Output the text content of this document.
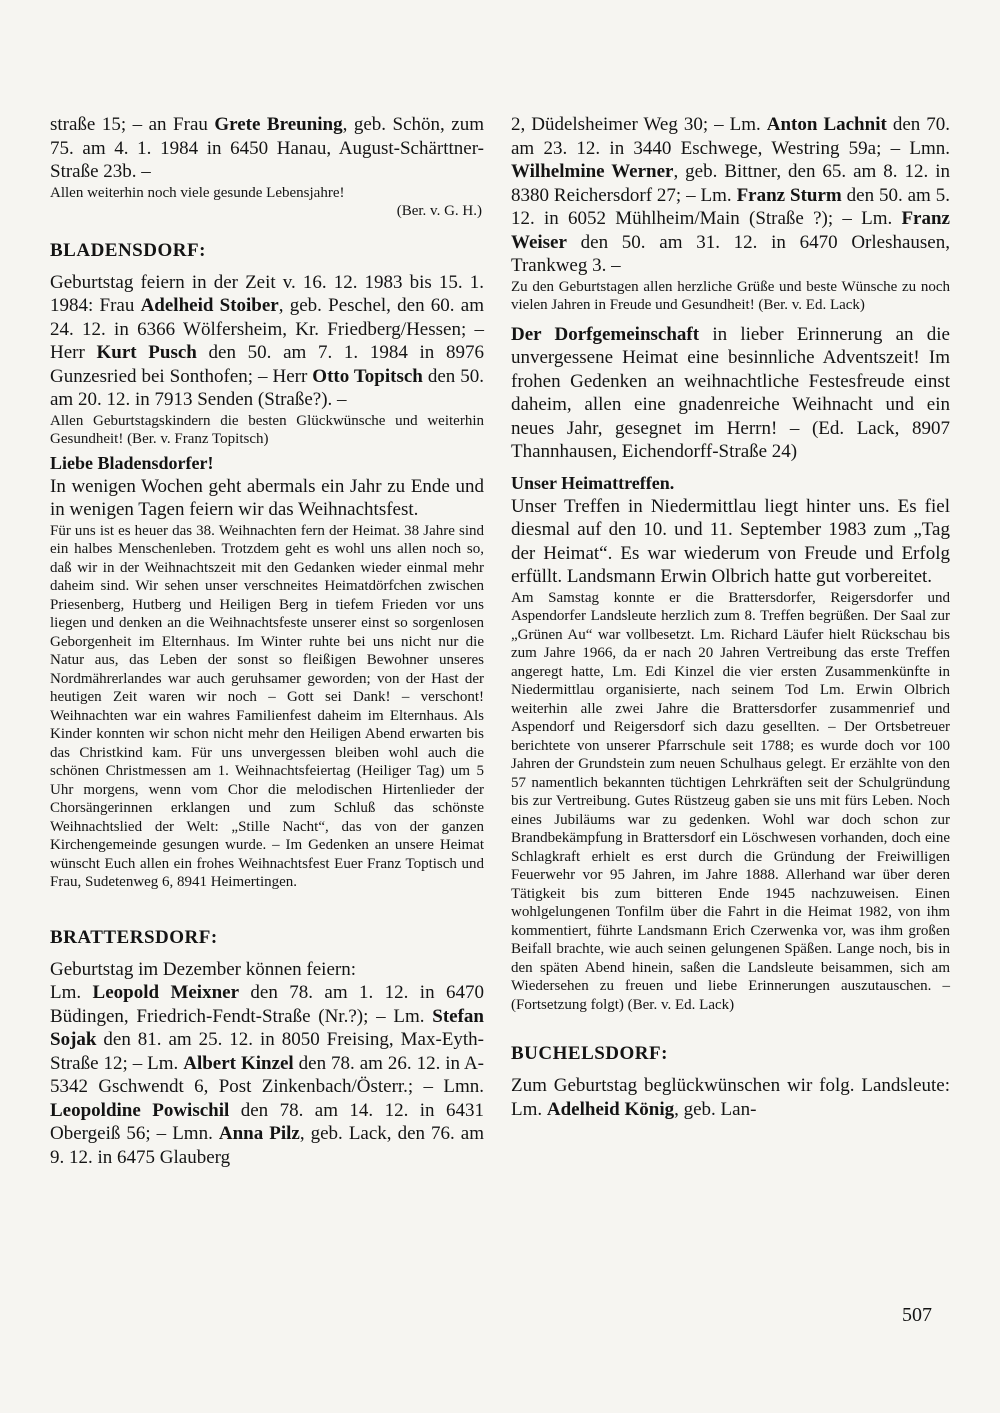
straße 15; – an Frau Grete Breuning, geb. Schön, zum 75. am 4. 1. 1984 in 6450 Hanau, August-Schärttner-Straße 23b. –
Allen weiterhin noch viele gesunde Lebensjahre!
(Ber. v. G. H.)
BLADENSDORF:
Geburtstag feiern in der Zeit v. 16. 12. 1983 bis 15. 1. 1984: Frau Adelheid Stoiber, geb. Peschel, den 60. am 24. 12. in 6366 Wölfersheim, Kr. Friedberg/Hessen; – Herr Kurt Pusch den 50. am 7. 1. 1984 in 8976 Gunzesried bei Sonthofen; – Herr Otto Topitsch den 50. am 20. 12. in 7913 Senden (Straße?). –
Allen Geburtstagskindern die besten Glückwünsche und weiterhin Gesundheit! (Ber. v. Franz Topitsch)
Liebe Bladensdorfer!
In wenigen Wochen geht abermals ein Jahr zu Ende und in wenigen Tagen feiern wir das Weihnachtsfest.
Für uns ist es heuer das 38. Weihnachten fern der Heimat. 38 Jahre sind ein halbes Menschenleben. Trotzdem geht es wohl uns allen noch so, daß wir in der Weihnachtszeit mit den Gedanken wieder einmal mehr daheim sind. Wir sehen unser verschneites Heimatdörfchen zwischen Priesenberg, Hutberg und Heiligen Berg in tiefem Frieden vor uns liegen und denken an die Weihnachtsfeste unserer einst so sorgenlosen Geborgenheit im Elternhaus. Im Winter ruhte bei uns nicht nur die Natur aus, das Leben der sonst so fleißigen Bewohner unseres Nordmährerlandes war auch geruhsamer geworden; von der Hast der heutigen Zeit waren wir noch – Gott sei Dank! – verschont! Weihnachten war ein wahres Familienfest daheim im Elternhaus. Als Kinder konnten wir schon nicht mehr den Heiligen Abend erwarten bis das Christkind kam. Für uns unvergessen bleiben wohl auch die schönen Christmessen am 1. Weihnachtsfeiertag (Heiliger Tag) um 5 Uhr morgens, wenn vom Chor die melodischen Hirtenlieder der Chorsängerinnen erklangen und zum Schluß das schönste Weihnachtslied der Welt: „Stille Nacht“, das von der ganzen Kirchengemeinde gesungen wurde. – Im Gedenken an unsere Heimat wünscht Euch allen ein frohes Weihnachtsfest Euer Franz Toptisch und Frau, Sudetenweg 6, 8941 Heimertingen.
BRATTERSDORF:
Geburtstag im Dezember können feiern:
Lm. Leopold Meixner den 78. am 1. 12. in 6470 Büdingen, Friedrich-Fendt-Straße (Nr.?); – Lm. Stefan Sojak den 81. am 25. 12. in 8050 Freising, Max-Eyth-Straße 12; – Lm. Albert Kinzel den 78. am 26. 12. in A-5342 Gschwendt 6, Post Zinkenbach/Österr.; – Lmn. Leopoldine Powischil den 78. am 14. 12. in 6431 Obergeiß 56; – Lmn. Anna Pilz, geb. Lack, den 76. am 9. 12. in 6475 Glauberg
2, Düdelsheimer Weg 30; – Lm. Anton Lachnit den 70. am 23. 12. in 3440 Eschwege, Westring 59a; – Lmn. Wilhelmine Werner, geb. Bittner, den 65. am 8. 12. in 8380 Reichersdorf 27; – Lm. Franz Sturm den 50. am 5. 12. in 6052 Mühlheim/Main (Straße ?); – Lm. Franz Weiser den 50. am 31. 12. in 6470 Orleshausen, Trankweg 3. –
Zu den Geburtstagen allen herzliche Grüße und beste Wünsche zu noch vielen Jahren in Freude und Gesundheit! (Ber. v. Ed. Lack)
Der Dorfgemeinschaft in lieber Erinnerung an die unvergessene Heimat eine besinnliche Adventszeit! Im frohen Gedenken an weihnachtliche Festesfreude einst daheim, allen eine gnadenreiche Weihnacht und ein neues Jahr, gesegnet im Herrn! – (Ed. Lack, 8907 Thannhausen, Eichendorff-Straße 24)
Unser Heimattreffen.
Unser Treffen in Niedermittlau liegt hinter uns. Es fiel diesmal auf den 10. und 11. September 1983 zum „Tag der Heimat“. Es war wiederum von Freude und Erfolg erfüllt. Landsmann Erwin Olbrich hatte gut vorbereitet.
Am Samstag konnte er die Brattersdorfer, Reigersdorfer und Aspendorfer Landsleute herzlich zum 8. Treffen begrüßen. Der Saal zur „Grünen Au“ war vollbesetzt. Lm. Richard Läufer hielt Rückschau bis zum Jahre 1966, da er nach 20 Jahren Vertreibung das erste Treffen angeregt hatte, Lm. Edi Kinzel die vier ersten Zusammenkünfte in Niedermittlau organisierte, nach seinem Tod Lm. Erwin Olbrich weiterhin alle zwei Jahre die Brattersdorfer zusammenrief und Aspendorf und Reigersdorf sich dazu gesellten. – Der Ortsbetreuer berichtete von unserer Pfarrschule seit 1788; es wurde doch vor 100 Jahren der Grundstein zum neuen Schulhaus gelegt. Er erzählte von den 57 namentlich bekannten tüchtigen Lehrkräften seit der Schulgründung bis zur Vertreibung. Gutes Rüstzeug gaben sie uns mit fürs Leben. Noch eines Jubiläums war zu gedenken. Wohl war doch schon zur Brandbekämpfung in Brattersdorf ein Löschwesen vorhanden, doch eine Schlagkraft erhielt es erst durch die Gründung der Freiwilligen Feuerwehr vor 95 Jahren, im Jahre 1888. Allerhand war über deren Tätigkeit bis zum bitteren Ende 1945 nachzuweisen. Einen wohlgelungenen Tonfilm über die Fahrt in die Heimat 1982, von ihm kommentiert, führte Landsmann Erich Czerwenka vor, was ihm großen Beifall brachte, wie auch seinen gelungenen Späßen. Lange noch, bis in den späten Abend hinein, saßen die Landsleute beisammen, sich am Wiedersehen zu freuen und liebe Erinnerungen auszutauschen. – (Fortsetzung folgt) (Ber. v. Ed. Lack)
BUCHELSDORF:
Zum Geburtstag beglückwünschen wir folg. Landsleute: Lm. Adelheid König, geb. Lan-
507
